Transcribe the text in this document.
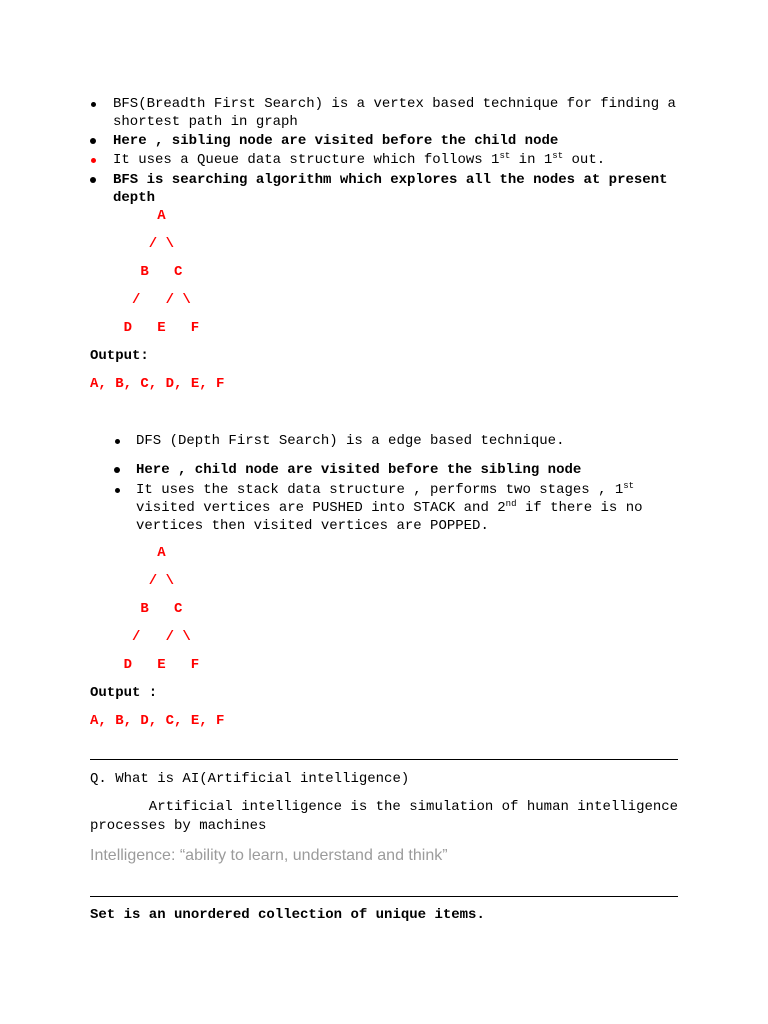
BFS(Breadth First Search) is a vertex based technique for finding a shortest path in graph
Here , sibling node are visited before the child node
It uses a Queue data structure which follows 1st in 1st out.
BFS is searching algorithm which explores all the nodes at present depth
A
/ \
B C
/ / \
D E F
Output:
A, B, C, D, E, F
DFS (Depth First Search) is a edge based technique.
Here , child node are visited before the sibling node
It uses the stack data structure , performs two stages , 1st visited vertices are PUSHED into STACK and 2nd if there is no vertices then visited vertices are POPPED.
A
/ \
B C
/ / \
D E F
Output :
A, B, D, C, E, F
Q. What is AI(Artificial intelligence)
Artificial intelligence is the simulation of human intelligence processes by machines
Intelligence: “ability to learn, understand and think”
Set is an unordered collection of unique items.
